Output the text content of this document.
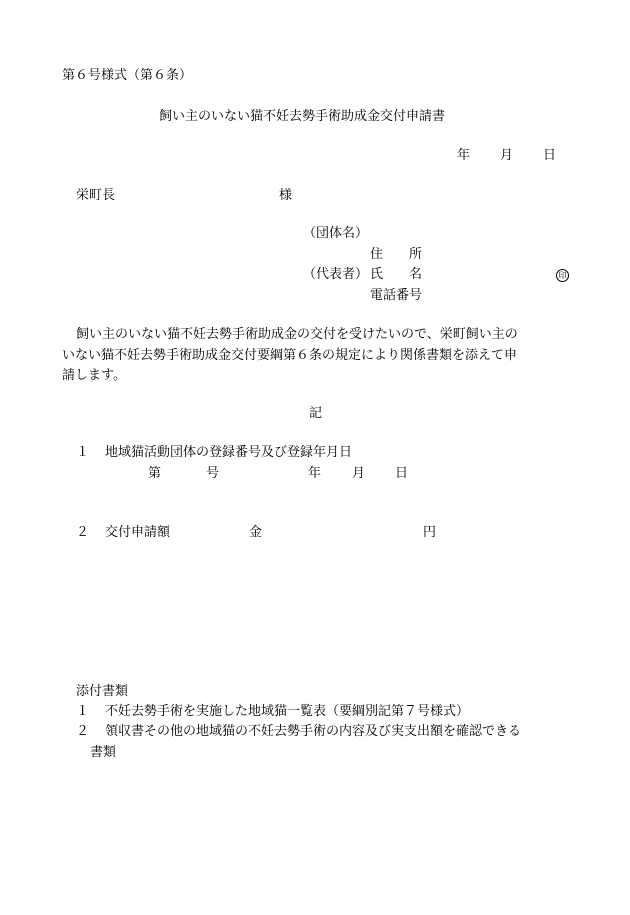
第６号様式（第６条）
飼い主のいない猫不妊去勢手術助成金交付申請書
年 月 日
栄町長	様
（団体名）
住　　所
（代表者） 氏　　名	印
電話番号
飼い主のいない猫不妊去勢手術助成金の交付を受けたいので、栄町飼い主の
いない猫不妊去勢手術助成金交付要綱第６条の規定により関係書類を添えて申
請します。
記
１ 地域猫活動団体の登録番号及び登録年月日
第	号	年 月 日
２ 交付申請額	金	円
添付書類
１ 不妊去勢手術を実施した地域猫一覧表（要綱別記第７号様式）
２ 領収書その他の地域猫の不妊去勢手術の内容及び実支出額を確認できる
書類
